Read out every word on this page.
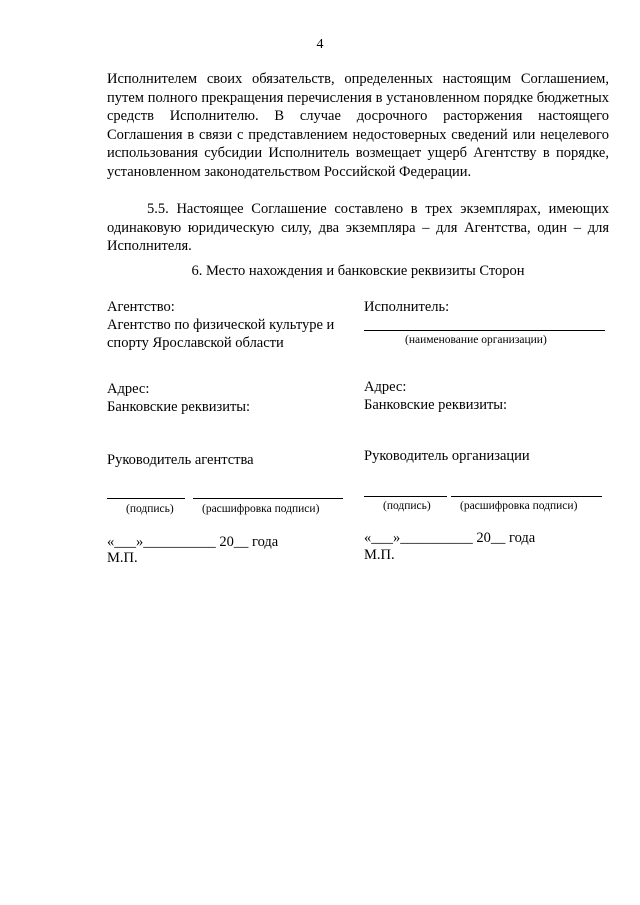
4

Исполнителем своих обязательств, определенных настоящим Соглашением, путем полного прекращения перечисления в установленном порядке бюджетных средств Исполнителю. В случае досрочного расторжения настоящего Соглашения в связи с представлением недостоверных сведений или нецелевого использования субсидии Исполнитель возмещает ущерб Агентству в порядке, установленном законодательством Российской Федерации.

5.5. Настоящее Соглашение составлено в трех экземплярах, имеющих одинаковую юридическую силу, два экземпляра – для Агентства, один – для Исполнителя.

6. Место нахождения и банковские реквизиты Сторон
Агентство:
Агентство по физической культуре и
спорту Ярославской области
Адрес:
Банковские реквизиты:
Руководитель агентства
(подпись) (расшифровка подписи)
«___»__________ 20__ года
М.П.
Исполнитель:
(наименование организации)
Адрес:
Банковские реквизиты:
Руководитель организации
(подпись)	(расшифровка подписи)
«___»__________ 20__ года
М.П.
